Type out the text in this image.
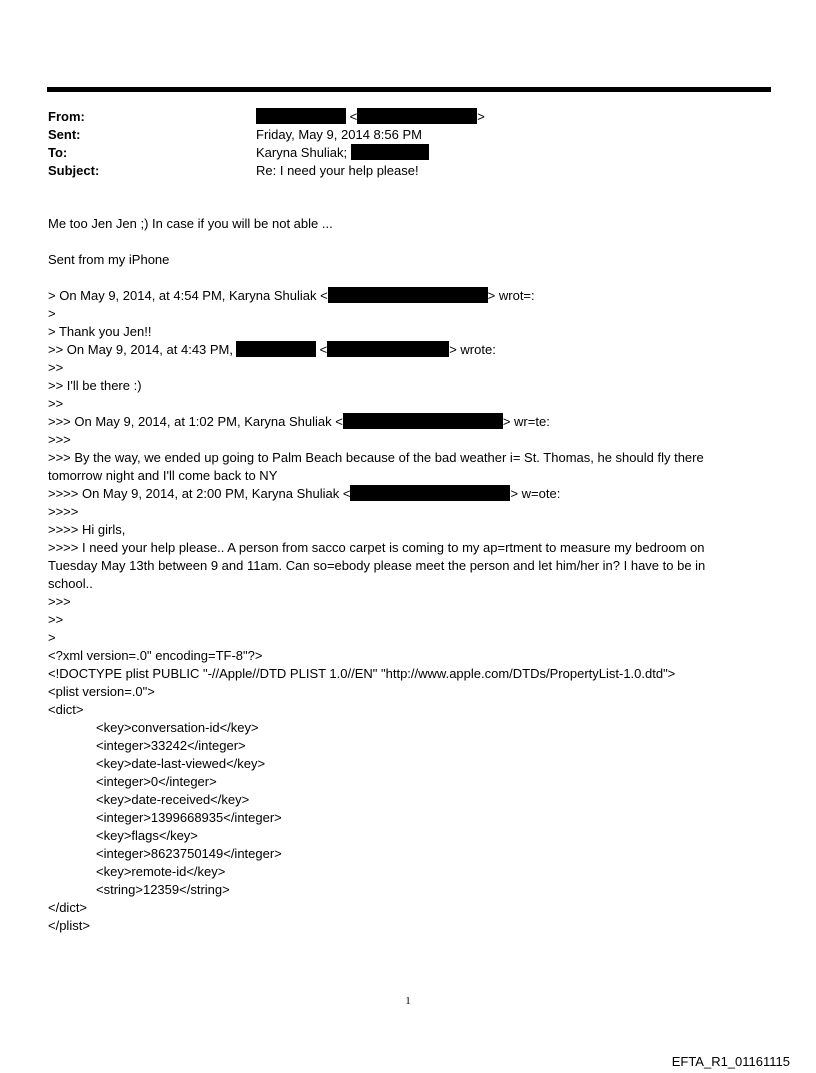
From:	<	>
Sent:	Friday, May 9, 2014 8:56 PM
To:	Karyna Shuliak;
Subject:	Re: I need your help please!
Me too Jen Jen ;) In case if you will be not able ...
Sent from my iPhone
> On May 9, 2014, at 4:54 PM, Karyna Shuliak <	> wrot=:
>
> Thank you Jen!!
>> On May 9, 2014, at 4:43 PM,	<	> wrote:
>>
>> I'll be there :)
>>
>>> On May 9, 2014, at 1:02 PM, Karyna Shuliak <	> wr=te:
>>>
>>> By the way, we ended up going to Palm Beach because of the bad weather i= St. Thomas, he should fly there tomorrow night and I'll come back to NY
>>>> On May 9, 2014, at 2:00 PM, Karyna Shuliak <	> w=ote:
>>>>
>>>> Hi girls,
>>>> I need your help please.. A person from sacco carpet is coming to my ap=rtment to measure my bedroom on Tuesday May 13th between 9 and 11am. Can so=ebody please meet the person and let him/her in? I have to be in school..
>>>
>>
>
<?xml version=.0" encoding=TF-8"?>
<!DOCTYPE plist PUBLIC "-//Apple//DTD PLIST 1.0//EN" "http://www.apple.com/DTDs/PropertyList-1.0.dtd">
<plist version=.0">
<dict>
<key>conversation-id</key>
<integer>33242</integer>
<key>date-last-viewed</key>
<integer>0</integer>
<key>date-received</key>
<integer>1399668935</integer>
<key>flags</key>
<integer>8623750149</integer>
<key>remote-id</key>
<string>12359</string>
</dict>
</plist>
1
EFTA_R1_01161115
